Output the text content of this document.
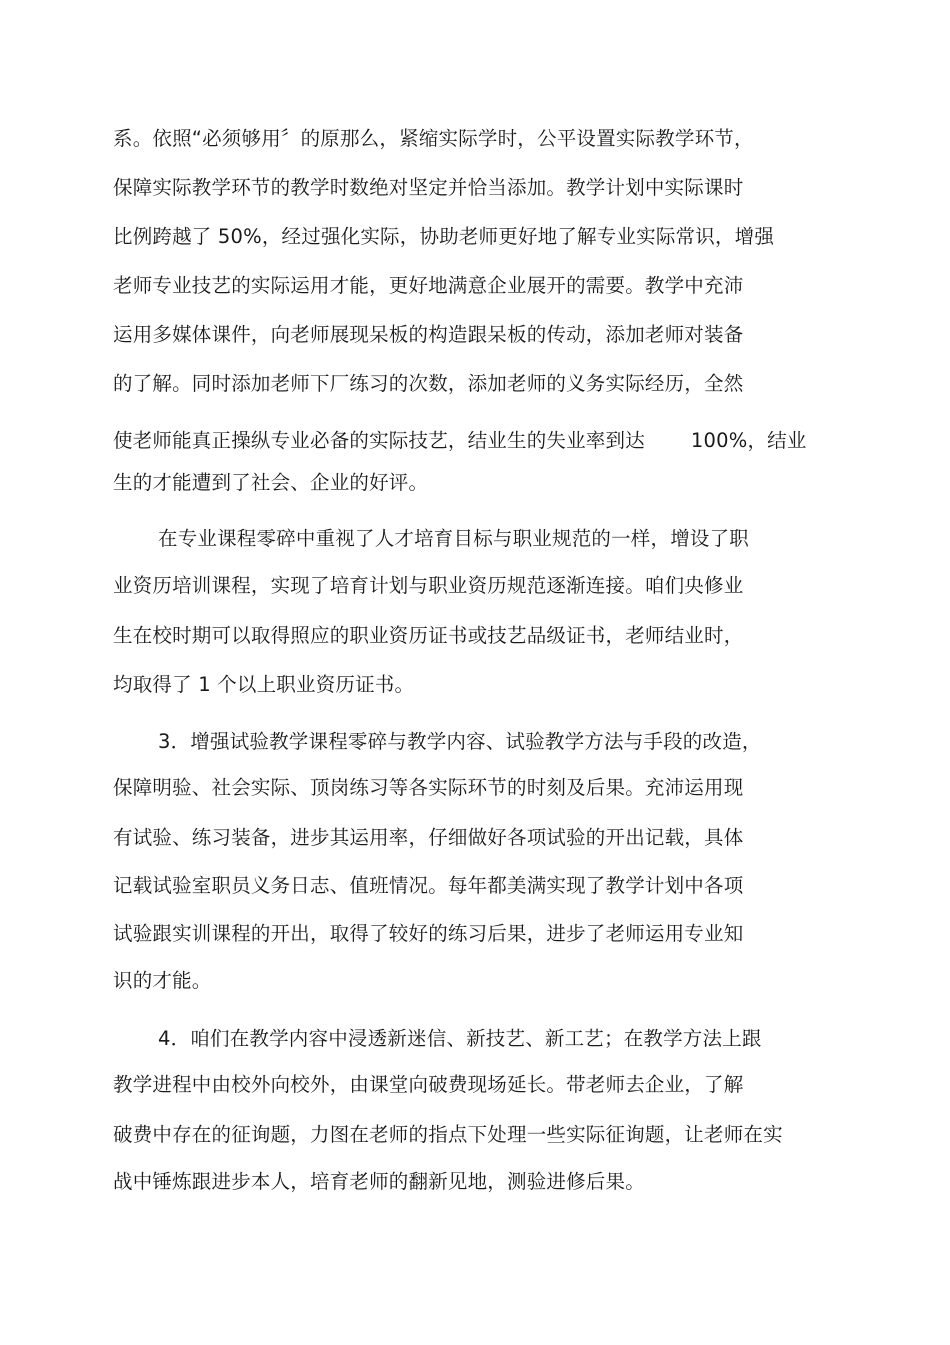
系。依照“必须够用〞的原那么，紧缩实际学时，公平设置实际教学环节，
保障实际教学环节的教学时数绝对坚定并恰当添加。教学计划中实际课时
比例跨越了 50%，经过强化实际，协助老师更好地了解专业实际常识，增强
老师专业技艺的实际运用才能，更好地满意企业展开的需要。教学中充沛
运用多媒体课件，向老师展现呆板的构造跟呆板的传动，添加老师对装备
的了解。同时添加老师下厂练习的次数，添加老师的义务实际经历，全然
使老师能真正操纵专业必备的实际技艺，结业生的失业率到达 100%，结业
生的才能遭到了社会、企业的好评。
在专业课程零碎中重视了人才培育目标与职业规范的一样，增设了职
业资历培训课程，实现了培育计划与职业资历规范逐渐连接。咱们央修业
生在校时期可以取得照应的职业资历证书或技艺品级证书，老师结业时，
均取得了 1 个以上职业资历证书。
3．增强试验教学课程零碎与教学内容、试验教学方法与手段的改造，
保障明验、社会实际、顶岗练习等各实际环节的时刻及后果。充沛运用现
有试验、练习装备，进步其运用率，仔细做好各项试验的开出记载，具体
记载试验室职员义务日志、值班情况。每年都美满实现了教学计划中各项
试验跟实训课程的开出，取得了较好的练习后果，进步了老师运用专业知
识的才能。
4．咱们在教学内容中浸透新迷信、新技艺、新工艺；在教学方法上跟
教学进程中由校外向校外，由课堂向破费现场延长。带老师去企业，了解
破费中存在的征询题，力图在老师的指点下处理一些实际征询题，让老师在实
战中锤炼跟进步本人，培育老师的翻新见地，测验进修后果。
